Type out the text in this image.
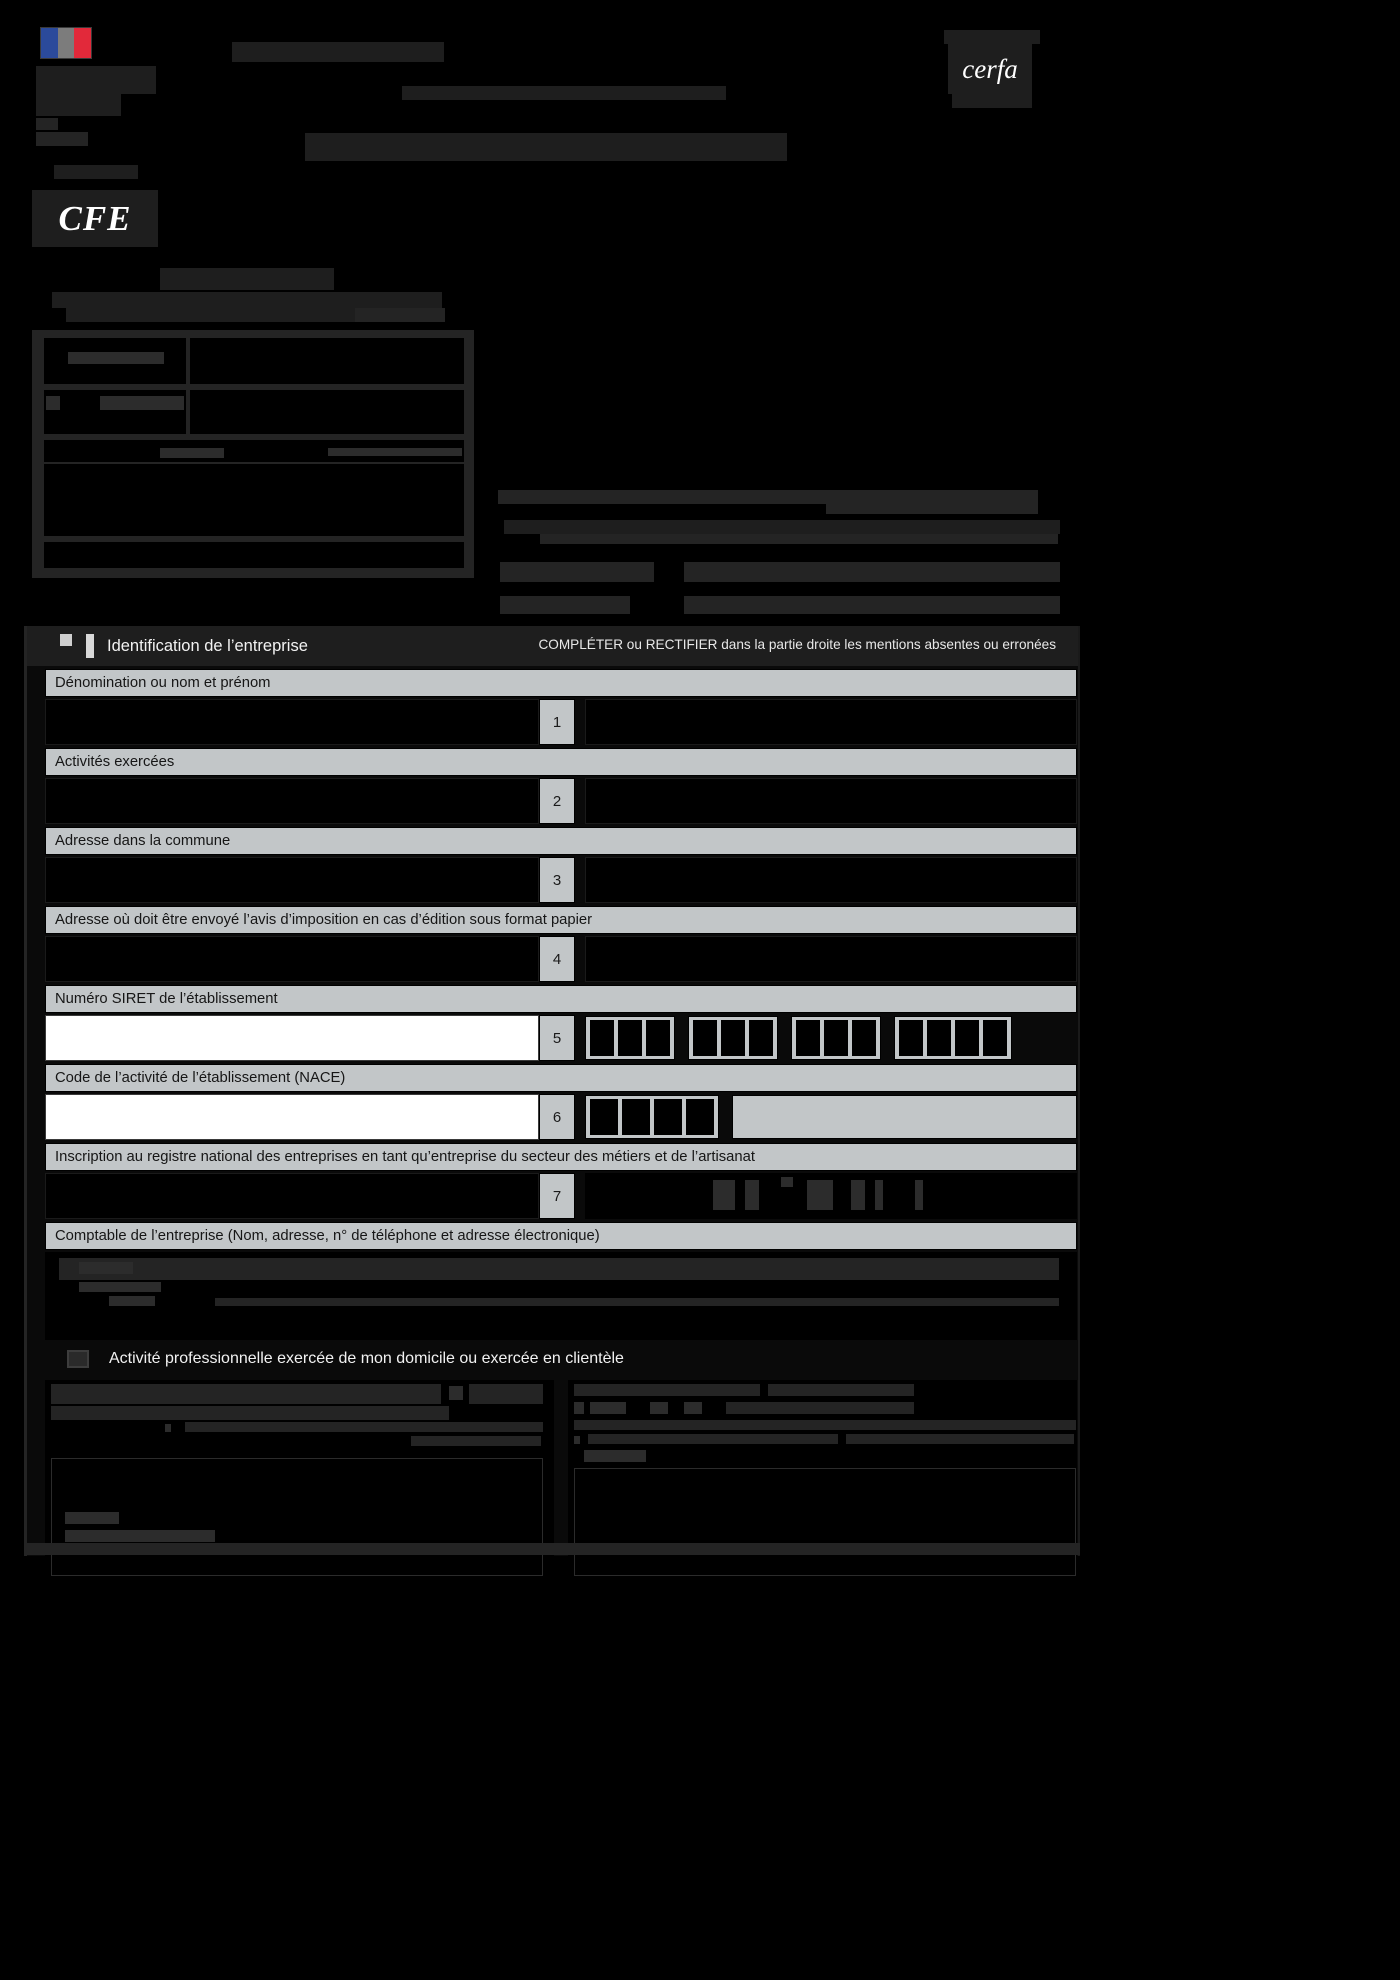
CFE
cerfa
Identification de l’entreprise	COMPLÉTER ou RECTIFIER dans la partie droite les mentions absentes ou erronées
Dénomination ou nom et prénom
1
Activités exercées
2
Adresse dans la commune
3
Adresse où doit être envoyé l’avis d’imposition en cas d’édition sous format papier
4
Numéro SIRET de l’établissement
5
Code de l’activité de l’établissement (NACE)
6
Inscription au registre national des entreprises en tant qu’entreprise du secteur des métiers et de l’artisanat
7
Comptable de l’entreprise (Nom, adresse, n° de téléphone et adresse électronique)
Activité professionnelle exercée de mon domicile ou exercée en clientèle
